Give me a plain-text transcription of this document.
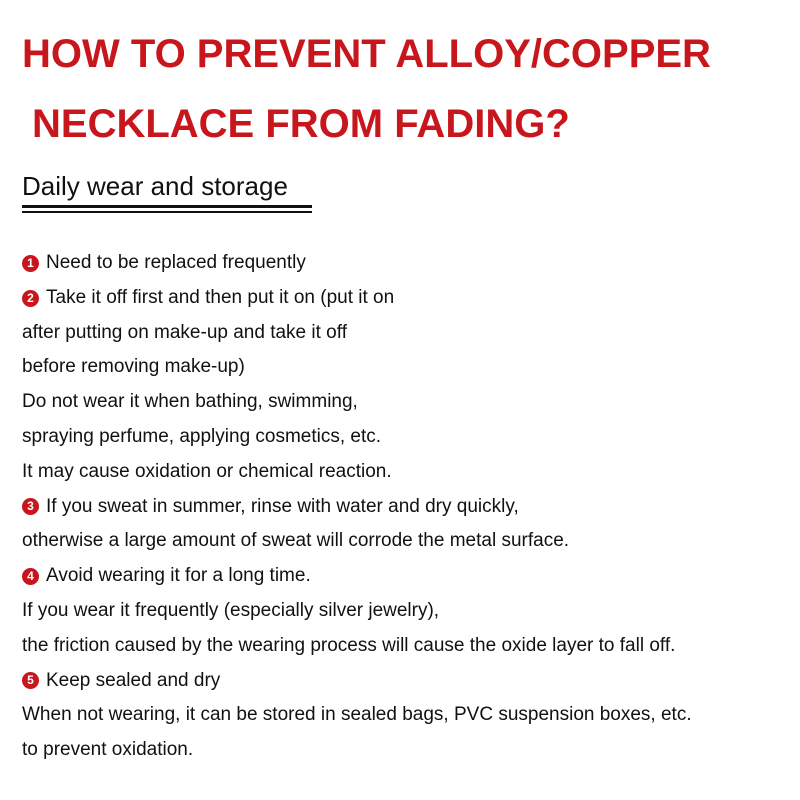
HOW TO PREVENT ALLOY/COPPER
NECKLACE FROM FADING?
Daily wear and storage
1 Need to be replaced frequently
2 Take it off first and then put it on (put it on
after putting on make-up and take it off
before removing make-up)
Do not wear it when bathing, swimming,
spraying perfume, applying cosmetics, etc.
It may cause oxidation or chemical reaction.
3 If you sweat in summer, rinse with water and dry quickly,
otherwise a large amount of sweat will corrode the metal surface.
4 Avoid wearing it for a long time.
If you wear it frequently (especially silver jewelry),
the friction caused by the wearing process will cause the oxide layer to fall off.
5 Keep sealed and dry
When not wearing, it can be stored in sealed bags, PVC suspension boxes, etc.
to prevent oxidation.
